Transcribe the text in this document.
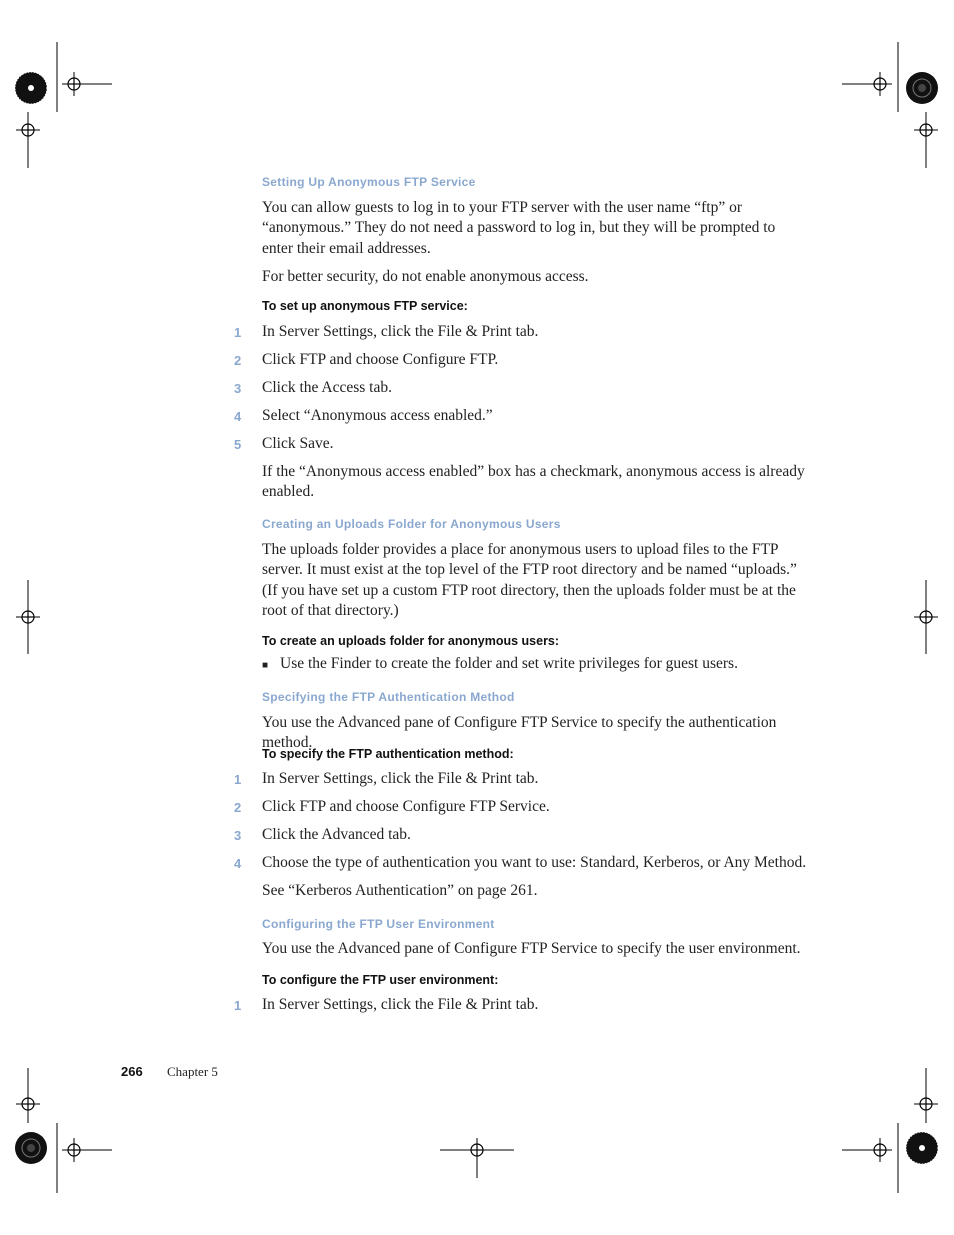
Setting Up Anonymous FTP Service
You can allow guests to log in to your FTP server with the user name “ftp” or “anonymous.” They do not need a password to log in, but they will be prompted to enter their email addresses.
For better security, do not enable anonymous access.
To set up anonymous FTP service:
1 In Server Settings, click the File & Print tab.
2 Click FTP and choose Configure FTP.
3 Click the Access tab.
4 Select “Anonymous access enabled.”
5 Click Save.
If the “Anonymous access enabled” box has a checkmark, anonymous access is already enabled.
Creating an Uploads Folder for Anonymous Users
The uploads folder provides a place for anonymous users to upload files to the FTP server. It must exist at the top level of the FTP root directory and be named “uploads.” (If you have set up a custom FTP root directory, then the uploads folder must be at the root of that directory.)
To create an uploads folder for anonymous users:
■ Use the Finder to create the folder and set write privileges for guest users.
Specifying the FTP Authentication Method
You use the Advanced pane of Configure FTP Service to specify the authentication method.
To specify the FTP authentication method:
1 In Server Settings, click the File & Print tab.
2 Click FTP and choose Configure FTP Service.
3 Click the Advanced tab.
4 Choose the type of authentication you want to use: Standard, Kerberos, or Any Method.
See “Kerberos Authentication” on page 261.
Configuring the FTP User Environment
You use the Advanced pane of Configure FTP Service to specify the user environment.
To configure the FTP user environment:
1 In Server Settings, click the File & Print tab.
266 Chapter 5
